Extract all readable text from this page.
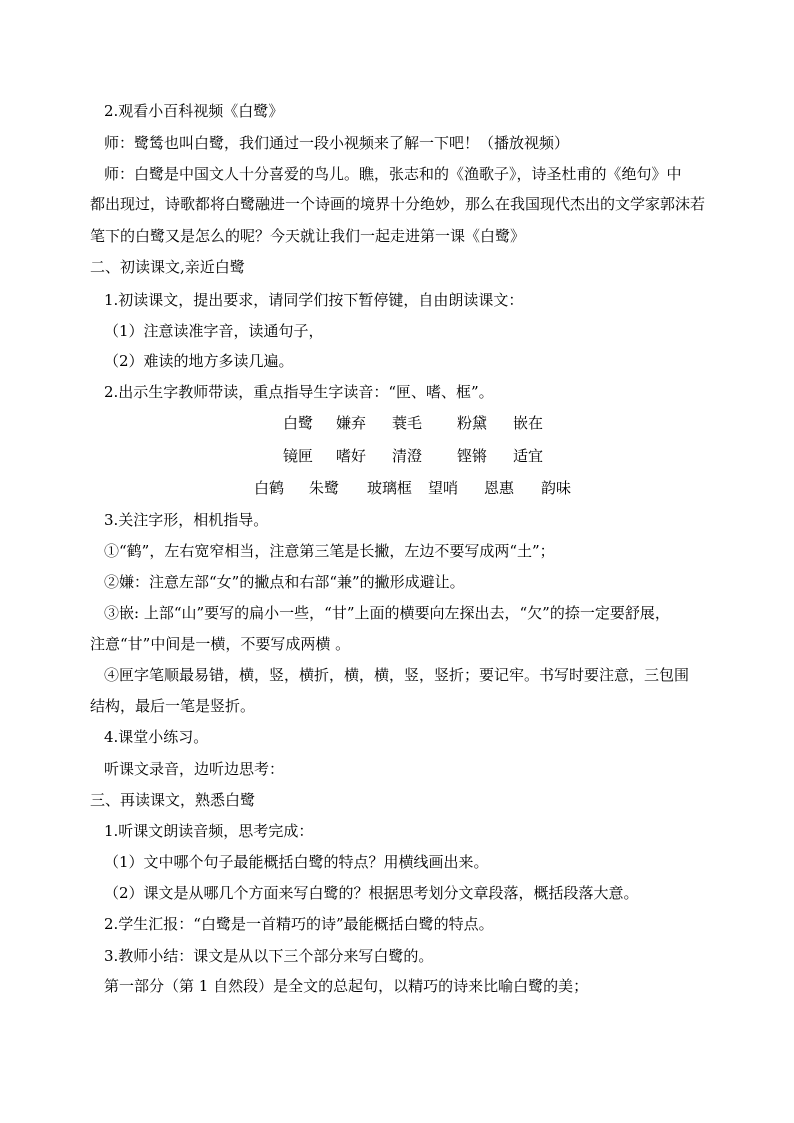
2.观看小百科视频《白鹭》
师：鹭鸶也叫白鹭，我们通过一段小视频来了解一下吧！（播放视频）
师：白鹭是中国文人十分喜爱的鸟儿。瞧，张志和的《渔歌子》，诗圣杜甫的《绝句》中
都出现过，诗歌都将白鹭融进一个诗画的境界十分绝妙，那么在我国现代杰出的文学家郭沫若
笔下的白鹭又是怎么的呢？今天就让我们一起走进第一课《白鹭》
二、初读课文,亲近白鹭
1.初读课文，提出要求，请同学们按下暂停键，自由朗读课文：
（1）注意读准字音，读通句子，
（2）难读的地方多读几遍。
2.出示生字教师带读，重点指导生字读音：“匣、嗜、框”。
白鹭 嫌弃 蓑毛 粉黛 嵌在
镜匣 嗜好 清澄 铿锵 适宜
白鹤 朱鹭 玻璃框 望哨 恩惠 韵味
3.关注字形，相机指导。
①“鹤”，左右宽窄相当，注意第三笔是长撇，左边不要写成两“土”；
②嫌：注意左部“女”的撇点和右部“兼”的撇形成避让。
③嵌: 上部“山”要写的扁小一些，“甘”上面的横要向左探出去，“欠”的捺一定要舒展，
注意“甘”中间是一横，不要写成两横 。
④匣字笔顺最易错，横，竖，横折，横，横，竖，竖折；要记牢。书写时要注意，三包围
结构，最后一笔是竖折。
4.课堂小练习。
听课文录音，边听边思考：
三、再读课文，熟悉白鹭
1.听课文朗读音频，思考完成：
（1）文中哪个句子最能概括白鹭的特点？用横线画出来。
（2）课文是从哪几个方面来写白鹭的？根据思考划分文章段落，概括段落大意。
2.学生汇报：“白鹭是一首精巧的诗”最能概括白鹭的特点。
3.教师小结：课文是从以下三个部分来写白鹭的。
第一部分（第 1 自然段）是全文的总起句，以精巧的诗来比喻白鹭的美；
